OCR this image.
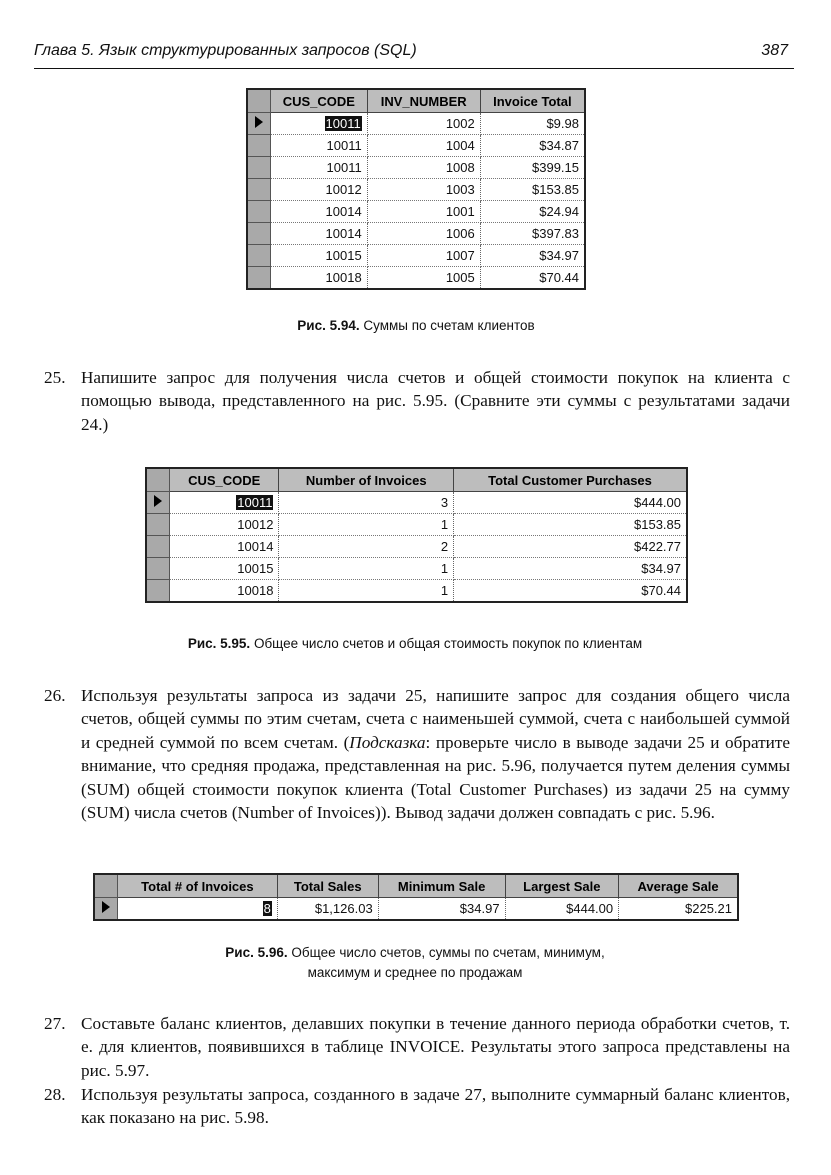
Глава 5. Язык структурированных запросов (SQL)	387
	CUS_CODE	INV_NUMBER	Invoice Total
	10011	1002	$9.98
	10011	1004	$34.87
	10011	1008	$399.15
	10012	1003	$153.85
	10014	1001	$24.94
	10014	1006	$397.83
	10015	1007	$34.97
	10018	1005	$70.44
Рис. 5.94. Суммы по счетам клиентов
25. Напишите запрос для получения числа счетов и общей стоимости покупок на клиента с помощью вывода, представленного на рис. 5.95. (Сравните эти суммы с результатами задачи 24.)
	CUS_CODE	Number of Invoices	Total Customer Purchases
	10011	3	$444.00
	10012	1	$153.85
	10014	2	$422.77
	10015	1	$34.97
	10018	1	$70.44
Рис. 5.95. Общее число счетов и общая стоимость покупок по клиентам
26. Используя результаты запроса из задачи 25, напишите запрос для создания общего числа счетов, общей суммы по этим счетам, счета с наименьшей суммой, счета с наибольшей суммой и средней суммой по всем счетам. (Подсказка: проверьте число в выводе задачи 25 и обратите внимание, что средняя продажа, представленная на рис. 5.96, получается путем деления суммы (SUM) общей стоимости покупок клиента (Total Customer Purchases) из задачи 25 на сумму (SUM) числа счетов (Number of Invoices)). Вывод задачи должен совпадать с рис. 5.96.
	Total # of Invoices	Total Sales	Minimum Sale	Largest Sale	Average Sale
	8	$1,126.03	$34.97	$444.00	$225.21
Рис. 5.96. Общее число счетов, суммы по счетам, минимум,
максимум и среднее по продажам
27. Составьте баланс клиентов, делавших покупки в течение данного периода обработки счетов, т. е. для клиентов, появившихся в таблице INVOICE. Результаты этого запроса представлены на рис. 5.97.
28. Используя результаты запроса, созданного в задаче 27, выполните суммарный баланс клиентов, как показано на рис. 5.98.
